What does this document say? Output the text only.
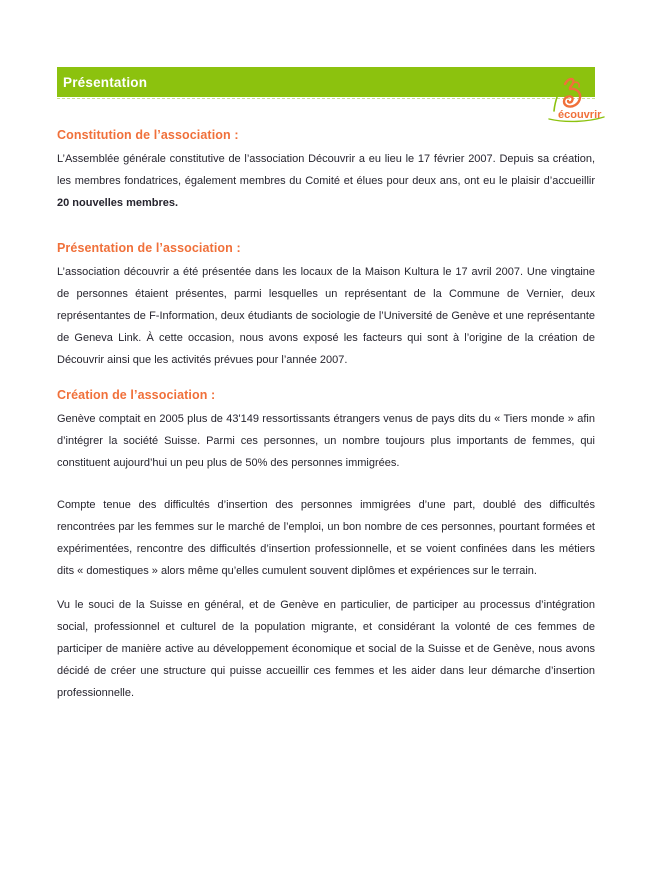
écouvrir
Présentation
Constitution de l’association :

L’Assemblée générale constitutive de l’association Découvrir a eu lieu le 17 février 2007. Depuis sa création, les membres fondatrices, également membres du Comité et élues pour deux ans, ont eu le plaisir d’accueillir 20 nouvelles membres.

Présentation de l’association :

L’association découvrir a été présentée dans les locaux de la Maison Kultura le 17 avril 2007. Une vingtaine de personnes étaient présentes, parmi lesquelles un représentant de la Commune de Vernier, deux représentantes de F-Information, deux étudiants de sociologie de l’Université de Genève et une représentante de Geneva Link. À cette occasion, nous avons exposé les facteurs qui sont à l’origine de la création de Découvrir ainsi que les activités prévues pour l’année 2007.

Création de l’association :

Genève comptait en 2005 plus de 43'149 ressortissants étrangers venus de pays dits du « Tiers monde » afin d’intégrer la société Suisse. Parmi ces personnes, un nombre toujours plus importants de femmes, qui constituent aujourd’hui un peu plus de 50% des personnes immigrées.

Compte tenue des difficultés d’insertion des personnes immigrées d’une part, doublé des difficultés rencontrées par les femmes sur le marché de l’emploi, un bon nombre de ces personnes, pourtant formées et expérimentées, rencontre des difficultés d’insertion professionnelle, et se voient confinées dans les métiers dits « domestiques » alors même qu’elles cumulent souvent diplômes et expériences sur le terrain.

Vu le souci de la Suisse en général, et de Genève en particulier, de participer au processus d’intégration social, professionnel et culturel de la population migrante, et considérant la volonté de ces femmes de participer de manière active au développement économique et social de la Suisse et de Genève, nous avons décidé de créer une structure qui puisse accueillir ces femmes et les aider dans leur démarche d’insertion professionnelle.
